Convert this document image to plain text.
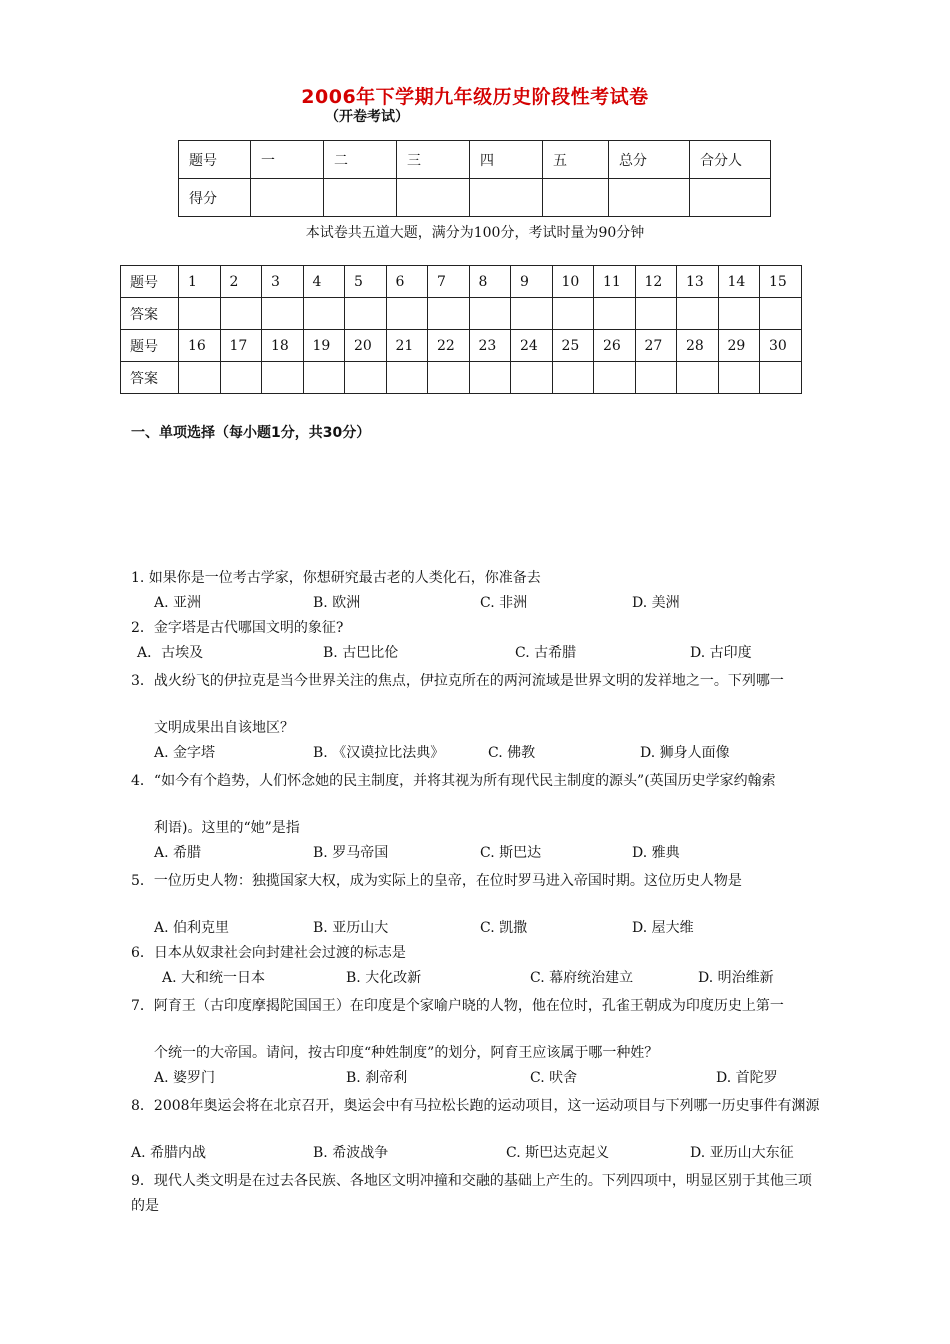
2006年下学期九年级历史阶段性考试卷
（开卷考试）
题号	一	二	三	四	五	总分	合分人
得分							
本试卷共五道大题，满分为100分，考试时量为90分钟
题号	1	2	3	4	5	6	7	8	9	10	11	12	13	14	15
答案															
题号	16	17	18	19	20	21	22	23	24	25	26	27	28	29	30
答案															
一、单项选择（每小题1分，共30分）
1. 如果你是一位考古学家，你想研究最古老的人类化石，你准备去
A. 亚洲	B. 欧洲	C. 非洲	D. 美洲
2．金字塔是古代哪国文明的象征?
A．古埃及	B. 古巴比伦	C. 古希腊	D. 古印度
3．战火纷飞的伊拉克是当今世界关注的焦点，伊拉克所在的两河流域是世界文明的发祥地之一。下列哪一
文明成果出自该地区？
A. 金字塔	B. 《汉谟拉比法典》	C. 佛教	D. 狮身人面像
4．“如今有个趋势，人们怀念她的民主制度，并将其视为所有现代民主制度的源头”(英国历史学家约翰索
利语)。这里的“她”是指
A. 希腊	B. 罗马帝国	C. 斯巴达	D. 雅典
5．一位历史人物：独揽国家大权，成为实际上的皇帝，在位时罗马进入帝国时期。这位历史人物是
A. 伯利克里	B. 亚历山大	C. 凯撒	D. 屋大维
6．日本从奴隶社会向封建社会过渡的标志是
A. 大和统一日本	B. 大化改新	C. 幕府统治建立	D. 明治维新
7．阿育王（古印度摩揭陀国国王）在印度是个家喻户晓的人物，他在位时，孔雀王朝成为印度历史上第一
个统一的大帝国。请问，按古印度“种姓制度”的划分，阿育王应该属于哪一种姓？
A. 婆罗门	B. 刹帝利	C. 吠舍	D. 首陀罗
8．2008年奥运会将在北京召开，奥运会中有马拉松长跑的运动项目，这一运动项目与下列哪一历史事件有渊源
A. 希腊内战	B. 希波战争	C. 斯巴达克起义	D. 亚历山大东征
9．现代人类文明是在过去各民族、各地区文明冲撞和交融的基础上产生的。下列四项中，明显区别于其他三项的是
